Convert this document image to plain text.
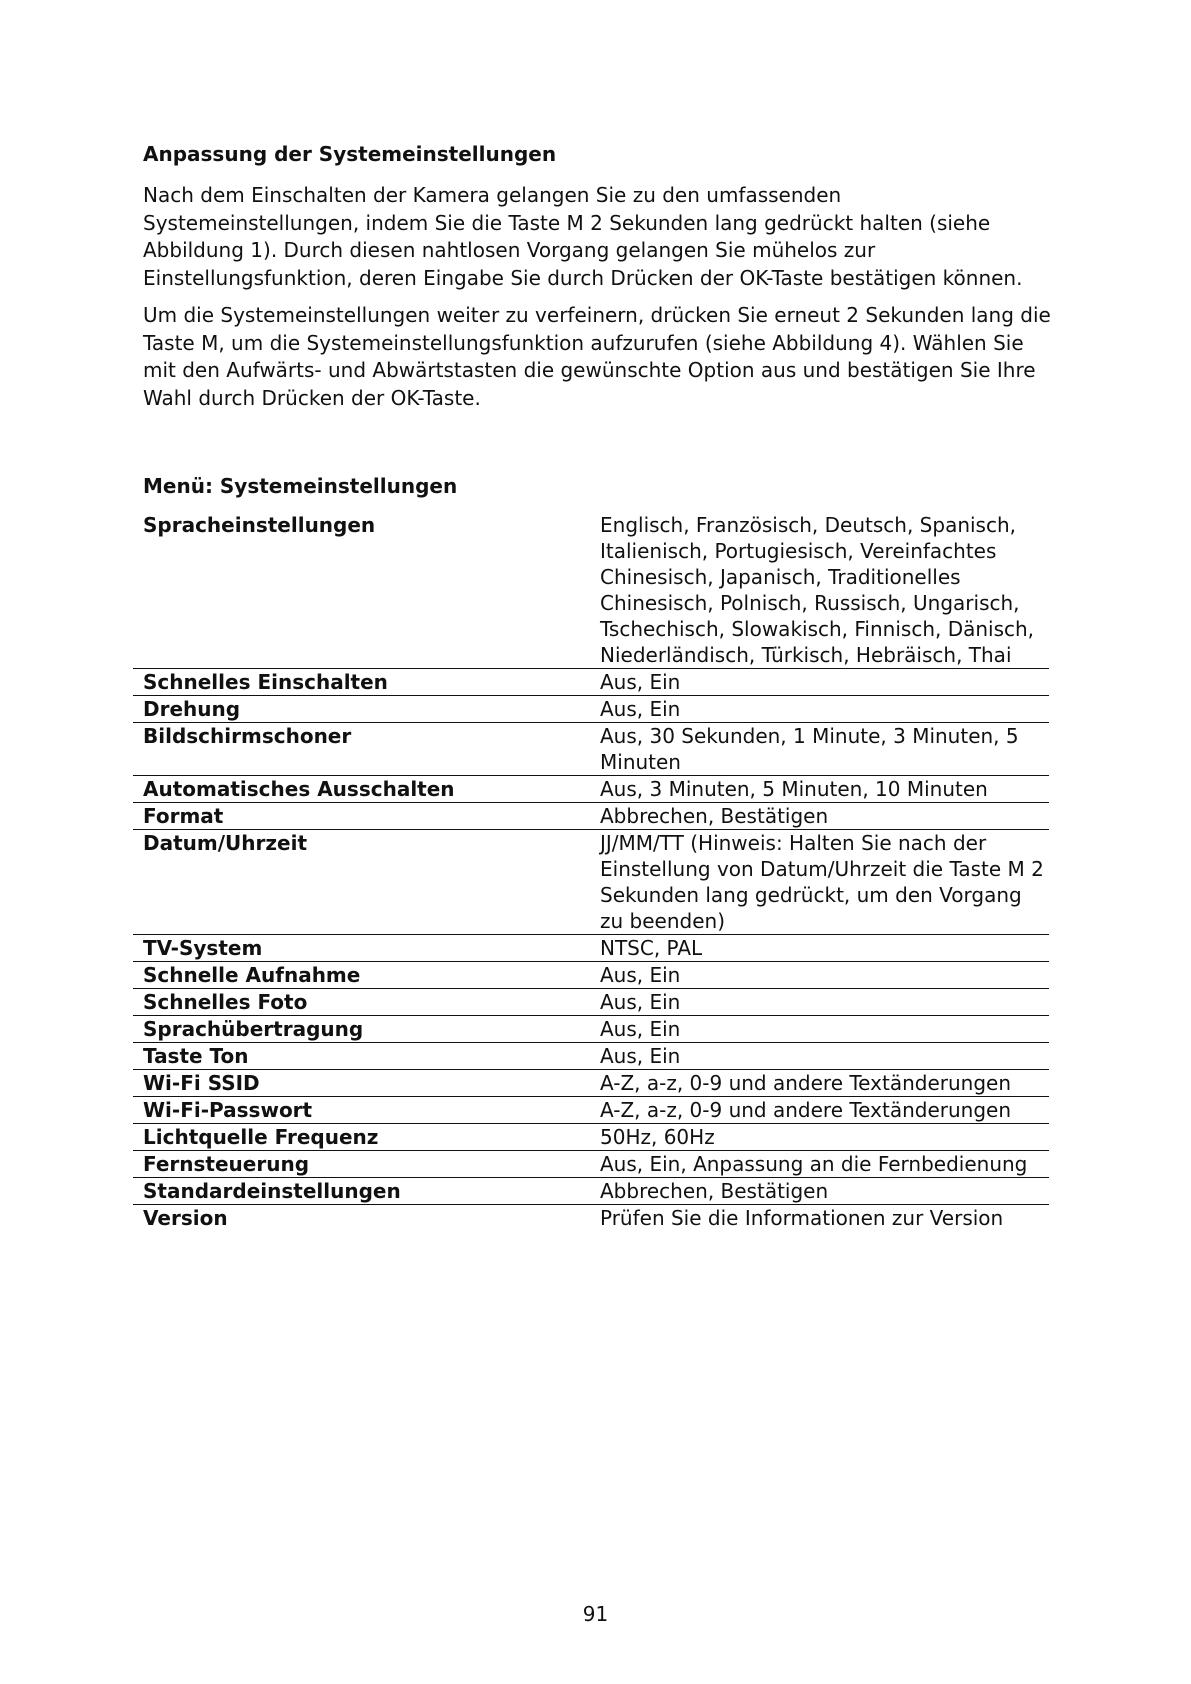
Anpassung der Systemeinstellungen

Nach dem Einschalten der Kamera gelangen Sie zu den umfassenden Systemeinstellungen, indem Sie die Taste M 2 Sekunden lang gedrückt halten (siehe Abbildung 1). Durch diesen nahtlosen Vorgang gelangen Sie mühelos zur Einstellungsfunktion, deren Eingabe Sie durch Drücken der OK-Taste bestätigen können.

Um die Systemeinstellungen weiter zu verfeinern, drücken Sie erneut 2 Sekunden lang die Taste M, um die Systemeinstellungsfunktion aufzurufen (siehe Abbildung 4). Wählen Sie mit den Aufwärts- und Abwärtstasten die gewünschte Option aus und bestätigen Sie Ihre Wahl durch Drücken der OK-Taste.

Menü: Systemeinstellungen
Spracheinstellungen	Englisch, Französisch, Deutsch, Spanisch, Italienisch, Portugiesisch, Vereinfachtes Chinesisch, Japanisch, Traditionelles Chinesisch, Polnisch, Russisch, Ungarisch, Tschechisch, Slowakisch, Finnisch, Dänisch, Niederländisch, Türkisch, Hebräisch, Thai
Schnelles Einschalten	Aus, Ein
Drehung	Aus, Ein
Bildschirmschoner	Aus, 30 Sekunden, 1 Minute, 3 Minuten, 5 Minuten
Automatisches Ausschalten	Aus, 3 Minuten, 5 Minuten, 10 Minuten
Format	Abbrechen, Bestätigen
Datum/Uhrzeit	JJ/MM/TT (Hinweis: Halten Sie nach der Einstellung von Datum/Uhrzeit die Taste M 2 Sekunden lang gedrückt, um den Vorgang zu beenden)
TV-System	NTSC, PAL
Schnelle Aufnahme	Aus, Ein
Schnelles Foto	Aus, Ein
Sprachübertragung	Aus, Ein
Taste Ton	Aus, Ein
Wi-Fi SSID	A-Z, a-z, 0-9 und andere Textänderungen
Wi-Fi-Passwort	A-Z, a-z, 0-9 und andere Textänderungen
Lichtquelle Frequenz	50Hz, 60Hz
Fernsteuerung	Aus, Ein, Anpassung an die Fernbedienung
Standardeinstellungen	Abbrechen, Bestätigen
Version	Prüfen Sie die Informationen zur Version
91
